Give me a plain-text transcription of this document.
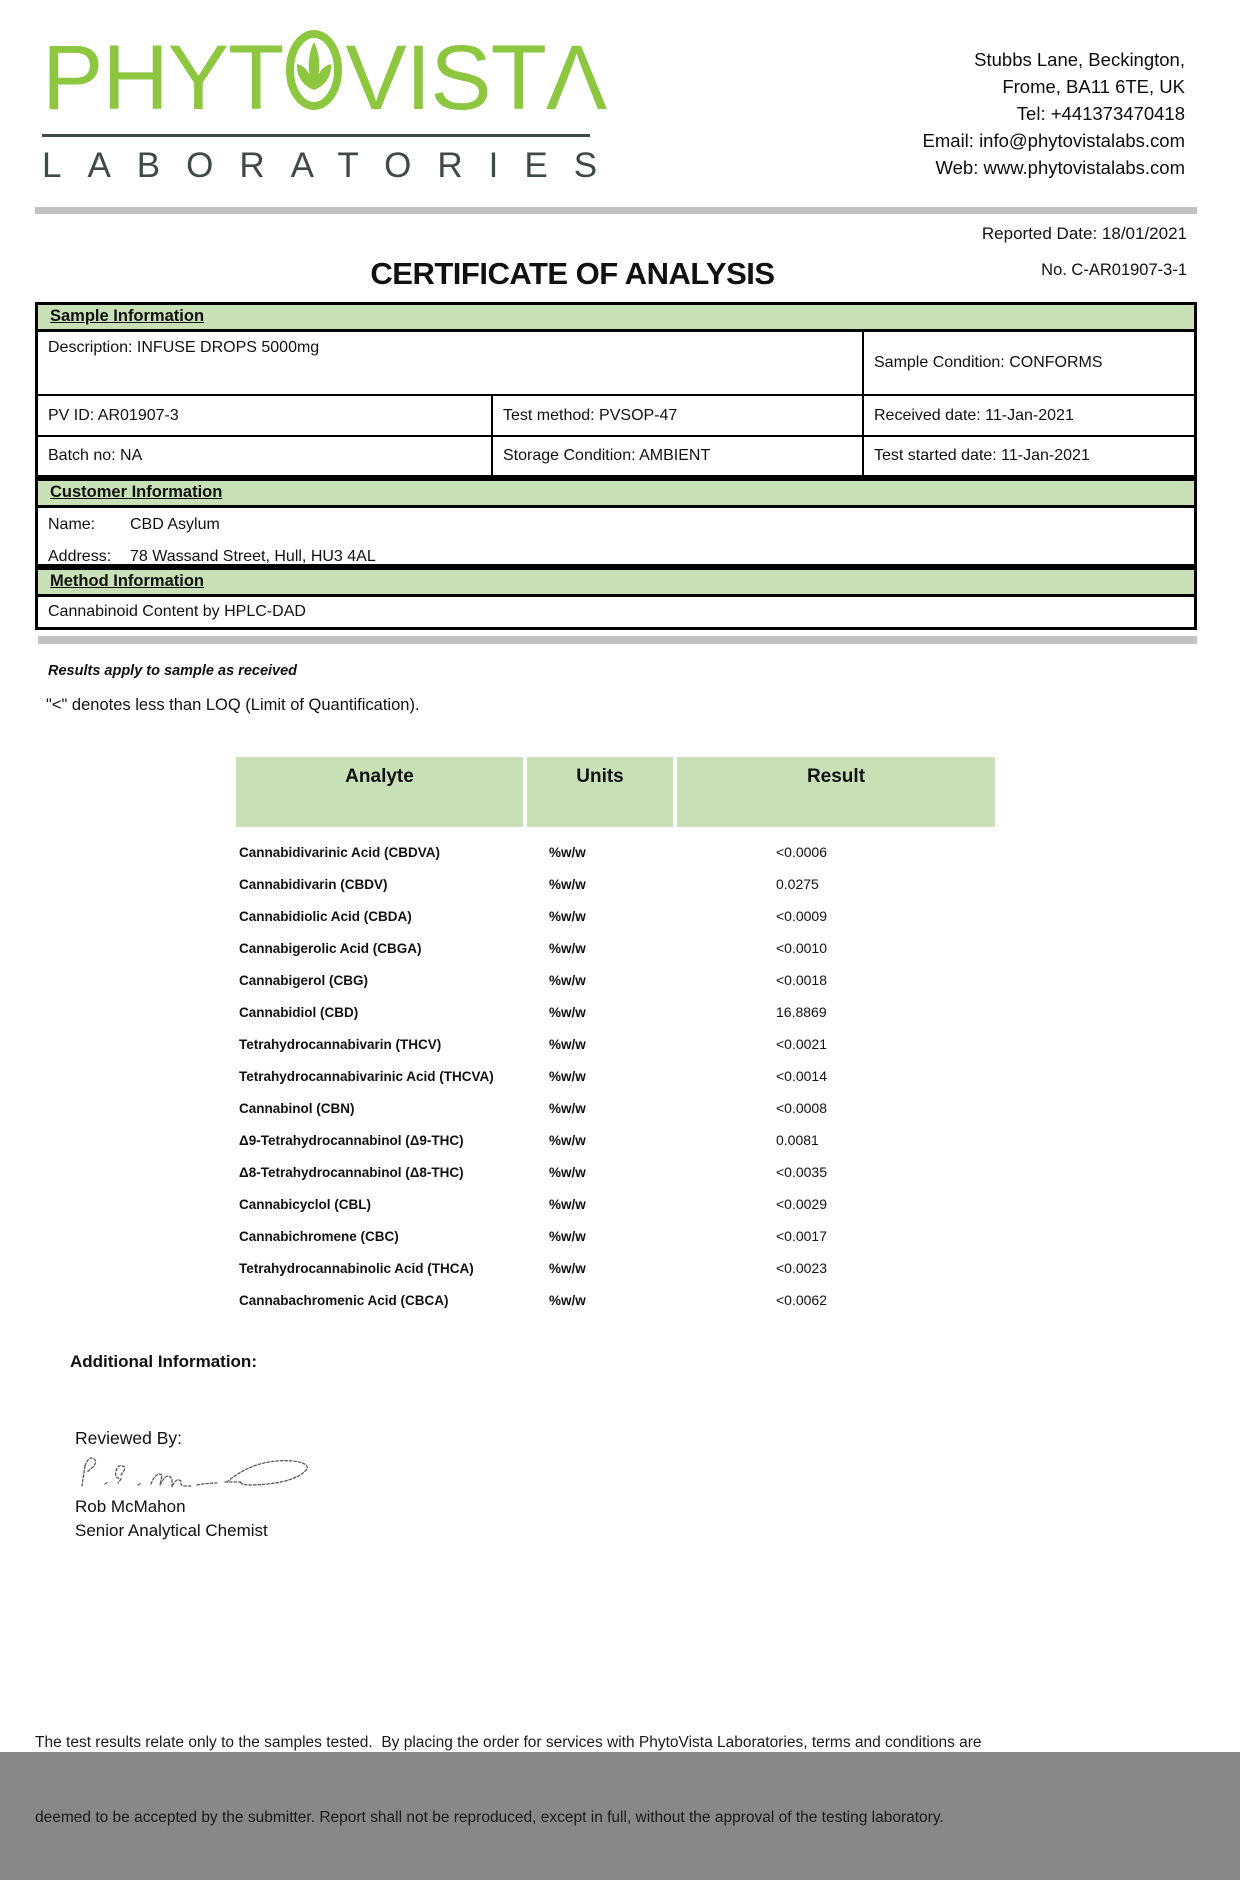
PHYT VIST Λ
LABORATORIES
Stubbs Lane, Beckington,
Frome, BA11 6TE, UK
Tel: +441373470418
Email: info@phytovistalabs.com
Web: www.phytovistalabs.com
Reported Date: 18/01/2021
CERTIFICATE OF ANALYSIS	No. C-AR01907-3-1
Sample Information
Description: INFUSE DROPS 5000mg
Sample Condition: CONFORMS
PV ID: AR01907-3	Test method: PVSOP-47	Received date: 11-Jan-2021
Batch no: NA	Storage Condition: AMBIENT	Test started date: 11-Jan-2021
Customer Information
Name: CBD Asylum
Address: 78 Wassand Street, Hull, HU3 4AL
Method Information
Cannabinoid Content by HPLC-DAD
Results apply to sample as received
"<" denotes less than LOQ (Limit of Quantification).
Analyte	Units	Result
Cannabidivarinic Acid (CBDVA)	%w/w	<0.0006
Cannabidivarin (CBDV)	%w/w	0.0275
Cannabidiolic Acid (CBDA)	%w/w	<0.0009
Cannabigerolic Acid (CBGA)	%w/w	<0.0010
Cannabigerol (CBG)	%w/w	<0.0018
Cannabidiol (CBD)	%w/w	16.8869
Tetrahydrocannabivarin (THCV)	%w/w	<0.0021
Tetrahydrocannabivarinic Acid (THCVA)	%w/w	<0.0014
Cannabinol (CBN)	%w/w	<0.0008
Δ9-Tetrahydrocannabinol (Δ9-THC)	%w/w	0.0081
Δ8-Tetrahydrocannabinol (Δ8-THC)	%w/w	<0.0035
Cannabicyclol (CBL)	%w/w	<0.0029
Cannabichromene (CBC)	%w/w	<0.0017
Tetrahydrocannabinolic Acid (THCA)	%w/w	<0.0023
Cannabachromenic Acid (CBCA)	%w/w	<0.0062
Additional Information:
Reviewed By:
Rob McMahon
Senior Analytical Chemist

The test results relate only to the samples tested.  By placing the order for services with PhytoVista Laboratories, terms and conditions are

deemed to be accepted by the submitter. Report shall not be reproduced, except in full, without the approval of the testing laboratory.
